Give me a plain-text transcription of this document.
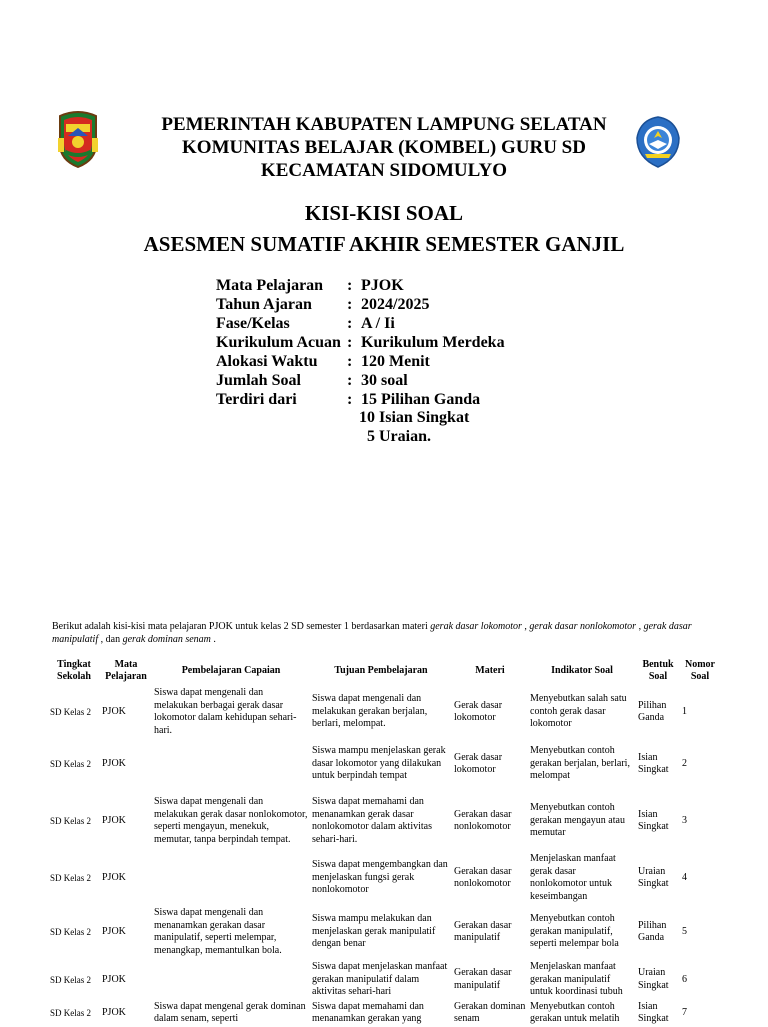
PEMERINTAH KABUPATEN LAMPUNG SELATAN
KOMUNITAS BELAJAR (KOMBEL) GURU SD
KECAMATAN SIDOMULYO
KISI-KISI SOAL
ASESMEN SUMATIF AKHIR SEMESTER GANJIL
Mata Pelajaran : PJOK
Tahun Ajaran : 2024/2025
Fase/Kelas	: A / Ii
Kurikulum Acuan : Kurikulum Merdeka
Alokasi Waktu : 120 Menit
Jumlah Soal	: 30 soal
Terdiri dari	: 15 Pilihan Ganda
10 Isian Singkat
5 Uraian.
Berikut adalah kisi-kisi mata pelajaran PJOK untuk kelas 2 SD semester 1 berdasarkan materi gerak dasar lokomotor , gerak dasar nonlokomotor , gerak dasar manipulatif , dan gerak dominan senam .
Tingkat Sekolah	Mata Pelajaran	Pembelajaran Capaian	Tujuan Pembelajaran	Materi	Indikator Soal	Bentuk Soal	Nomor Soal
SD Kelas 2	PJOK	Siswa dapat mengenali dan melakukan berbagai gerak dasar lokomotor dalam kehidupan sehari-hari.	Siswa dapat mengenali dan melakukan gerakan berjalan, berlari, melompat.	Gerak dasar lokomotor	Menyebutkan salah satu contoh gerak dasar lokomotor	Pilihan Ganda	1
SD Kelas 2	PJOK		Siswa mampu menjelaskan gerak dasar lokomotor yang dilakukan untuk berpindah tempat	Gerak dasar lokomotor	Menyebutkan contoh gerakan berjalan, berlari, melompat	Isian Singkat	2
SD Kelas 2	PJOK	Siswa dapat mengenali dan melakukan gerak dasar nonlokomotor, seperti mengayun, menekuk, memutar, tanpa berpindah tempat.	Siswa dapat memahami dan menanamkan gerak dasar nonlokomotor dalam aktivitas sehari-hari.	Gerakan dasar nonlokomotor	Menyebutkan contoh gerakan mengayun atau memutar	Isian Singkat	3
SD Kelas 2	PJOK		Siswa dapat mengembangkan dan menjelaskan fungsi gerak nonlokomotor	Gerakan dasar nonlokomotor	Menjelaskan manfaat gerak dasar nonlokomotor untuk keseimbangan	Uraian Singkat	4
SD Kelas 2	PJOK	Siswa dapat mengenali dan menanamkan gerakan dasar manipulatif, seperti melempar, menangkap, memantulkan bola.	Siswa mampu melakukan dan menjelaskan gerak manipulatif dengan benar	Gerakan dasar manipulatif	Menyebutkan contoh gerakan manipulatif, seperti melempar bola	Pilihan Ganda	5
SD Kelas 2	PJOK		Siswa dapat menjelaskan manfaat gerakan manipulatif dalam aktivitas sehari-hari	Gerakan dasar manipulatif	Menjelaskan manfaat gerakan manipulatif untuk koordinasi tubuh	Uraian Singkat	6
SD Kelas 2	PJOK	Siswa dapat mengenal gerak dominan dalam senam, seperti	Siswa dapat memahami dan menanamkan gerakan yang	Gerakan dominan senam	Menyebutkan contoh gerakan untuk melatih	Isian Singkat	7
